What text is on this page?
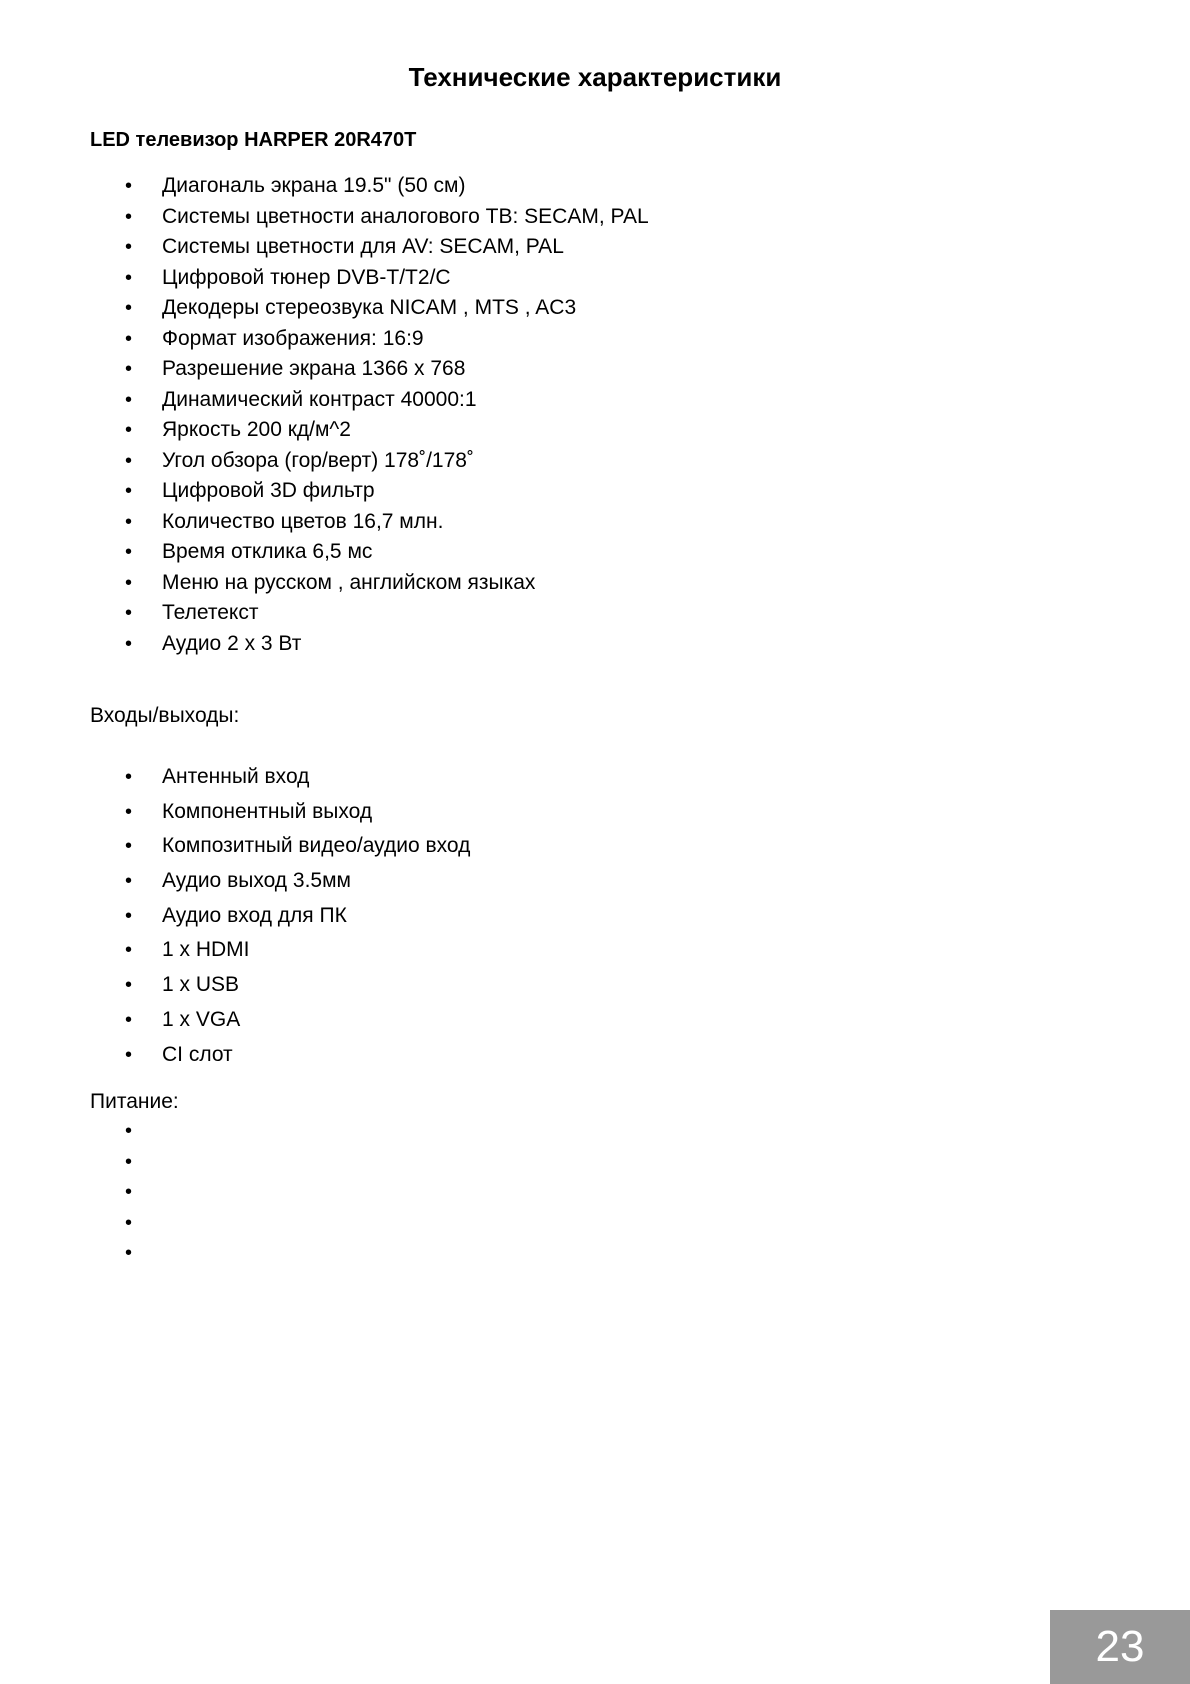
Технические характеристики
LED телевизор HARPER 20R470T
• Диагональ экрана 19.5" (50 см)
• Системы цветности аналогового ТВ: SECAM, PAL
• Системы цветности для AV: SECAM, PAL
• Цифровой тюнер DVB-T/T2/C
• Декодеры стереозвука NICAM , MTS , AC3
• Формат изображения: 16:9
• Разрешение экрана 1366 x 768
• Динамический контраст 40000:1
• Яркость 200 кд/м^2
• Угол обзора (гор/верт) 178˚/178˚
• Цифровой 3D фильтр
• Количество цветов 16,7 млн.
• Время отклика 6,5 мс
• Меню на русском , английском языках
• Телетекст
• Аудио 2 x 3 Вт
Входы/выходы:
• Антенный вход
• Компонентный выход
• Композитный видео/аудио вход
• Аудио выход 3.5мм
• Аудио вход для ПК
• 1 x HDMI
• 1 x USB
• 1 x VGA
• CI слот
Питание:
•
•
•
•
•
23
